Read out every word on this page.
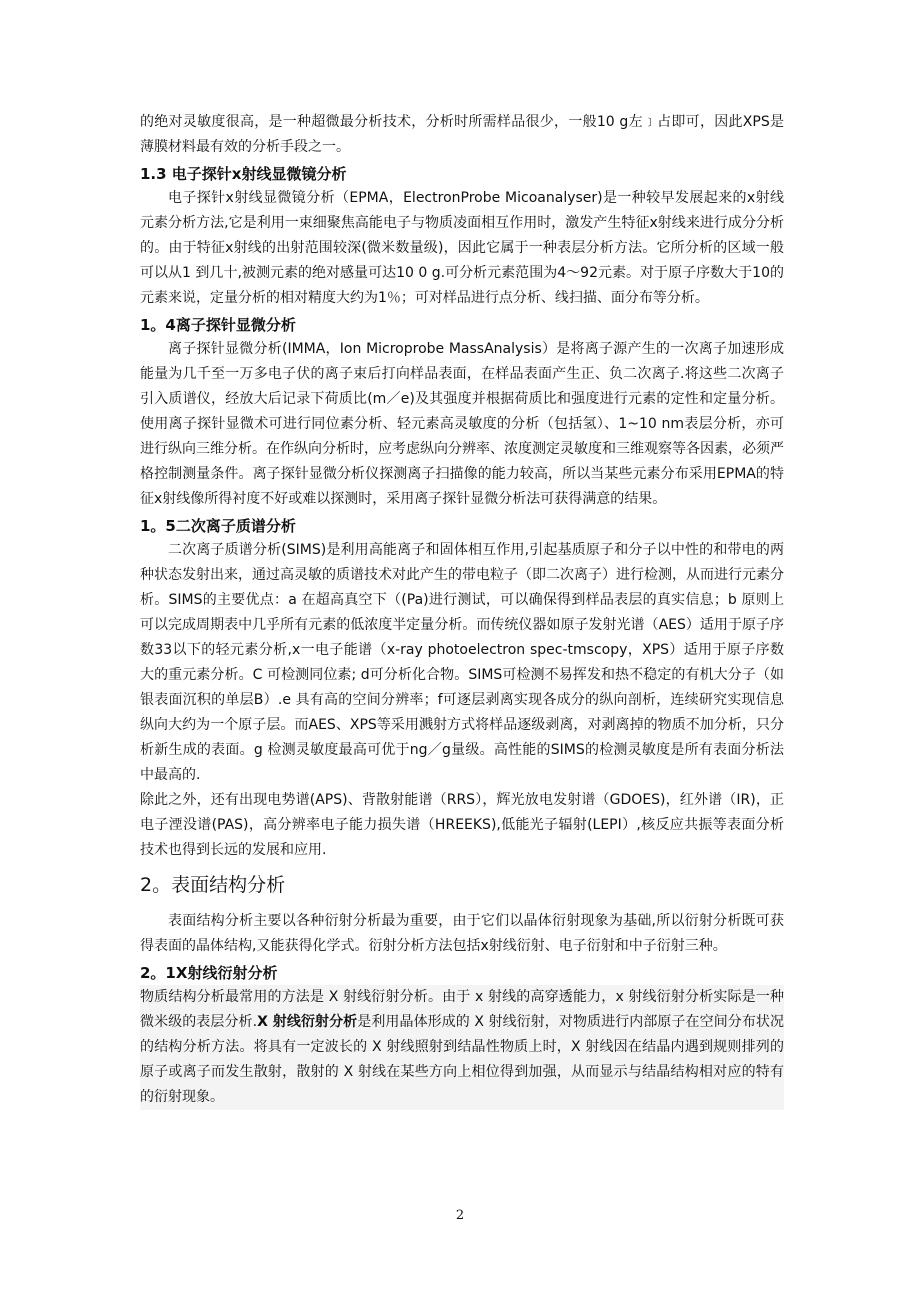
的绝对灵敏度很高，是一种超微最分析技术，分析时所需样品很少，一般10 g左﹞占即可，因此XPS是薄膜材料最有效的分析手段之一。

1.3 电子探针x射线显微镜分析

电子探针x射线显微镜分析（EPMA，ElectronProbe Micoanalyser)是一种较早发展起来的x射线元素分析方法,它是利用一束细聚焦高能电子与物质凌面相互作用时，激发产生特征x射线来进行成分分析的。由于特征x射线的出射范围较深(微米数量级)，因此它属于一种表层分析方法。它所分析的区域一般可以从1 到几十,被测元素的绝对感量可达10 0 g.可分析元素范围为4～92元素。对于原子序数大于10的元素来说，定量分析的相对精度大约为1％；可对样品进行点分析、线扫描、面分布等分析。

1。4离子探针显微分析

离子探针显微分析(IMMA，Ion Microprobe MassAnalysis）是将离子源产生的一次离子加速形成能量为几千至一万多电子伏的离子束后打向样品表面，在样品表面产生正、负二次离子.将这些二次离子引入质谱仪，经放大后记录下荷质比(m／e)及其强度并根据荷质比和强度进行元素的定性和定量分析。使用离子探针显微术可进行同位素分析、轻元素高灵敏度的分析（包括氢）、1~10 nm表层分析，亦可进行纵向三维分析。在作纵向分析时，应考虑纵向分辨率、浓度测定灵敏度和三维观察等各因素，必须严格控制测量条件。离子探针显微分析仪探测离子扫描像的能力较高，所以当某些元素分布采用EPMA的特征x射线像所得衬度不好或难以探测时，采用离子探针显微分析法可获得满意的结果。

1。5二次离子质谱分析

二次离子质谱分析(SIMS)是利用高能离子和固体相互作用,引起基质原子和分子以中性的和带电的两种状态发射出来，通过高灵敏的质谱技术对此产生的带电粒子（即二次离子）进行检测，从而进行元素分析。SIMS的主要优点：a 在超高真空下（(Pa)进行测试，可以确保得到样品表层的真实信息；b 原则上可以完成周期表中几乎所有元素的低浓度半定量分析。而传统仪器如原子发射光谱（AES）适用于原子序数33以下的轻元素分析,x一电子能谱（x-ray photoelectron spec-tmscopy，XPS）适用于原子序数大的重元素分析。C 可检测同位素; d可分析化合物。SIMS可检测不易挥发和热不稳定的有机大分子（如银表面沉积的单层B）.e 具有高的空间分辨率；f可逐层剥离实现各成分的纵向剖析，连续研究实现信息纵向大约为一个原子层。而AES、XPS等采用溅射方式将样品逐级剥离，对剥离掉的物质不加分析，只分析新生成的表面。g 检测灵敏度最高可优于ng／g量级。高性能的SIMS的检测灵敏度是所有表面分析法中最高的.

除此之外，还有出现电势谱(APS)、背散射能谱（RRS），辉光放电发射谱（GDOES)，红外谱（IR)，正电子湮没谱(PAS)，高分辨率电子能力损失谱（HREEKS),低能光子辐射(LEPI）,核反应共振等表面分析技术也得到长远的发展和应用.

2。表面结构分析

表面结构分析主要以各种衍射分析最为重要，由于它们以晶体衍射现象为基础,所以衍射分析既可获得表面的晶体结构,又能获得化学式。衍射分析方法包括x射线衍射、电子衍射和中子衍射三种。

2。1X射线衍射分析

物质结构分析最常用的方法是 X 射线衍射分析。由于 x 射线的高穿透能力，x 射线衍射分析实际是一种微米级的表层分析.X 射线衍射分析是利用晶体形成的 X 射线衍射，对物质进行内部原子在空间分布状况的结构分析方法。将具有一定波长的 X 射线照射到结晶性物质上时，X 射线因在结晶内遇到规则排列的原子或离子而发生散射，散射的 X 射线在某些方向上相位得到加强，从而显示与结晶结构相对应的特有的衍射现象。

2
